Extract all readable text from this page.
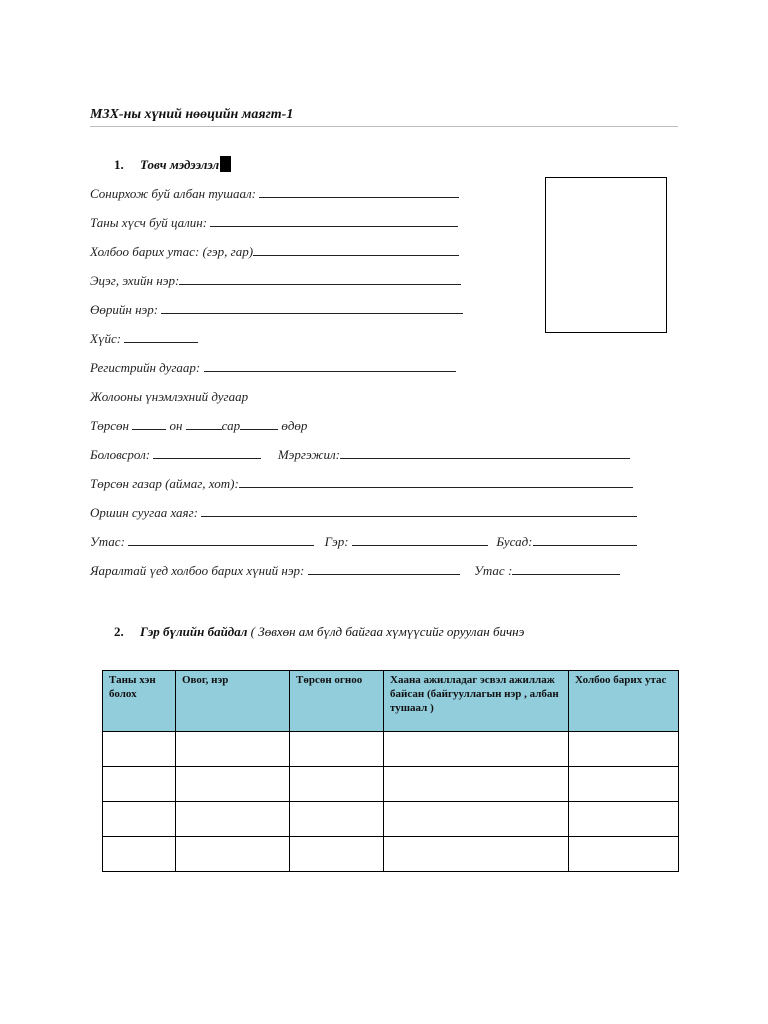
МЗХ-ны хүний нөөцийн маягт-1
1. Товч мэдээлэл
Сонирхож буй албан тушаал:
Таны хүсч буй цалин:
Холбоо барих утас: (гэр, гар)
Эцэг, эхийн нэр:
Өөрийн нэр:
Хүйс:
Регистрийн дугаар:
Жолооны үнэмлэхний дугаар
Төрсөн	он	сар	өдөр
Боловсрол:	Мэргэжил:
Төрсөн газар (аймаг, хот):
Оршин суугаа хаяг:
Утас:	Гэр:	Бусад:
Яаралтай үед холбоо барих хүний нэр:	Утас :
2. Гэр бүлийн байдал ( Зөвхөн ам бүлд байгаа хүмүүсийг оруулан бичнэ
Таны хэн болох	Овог, нэр	Төрсөн огноо	Хаана ажилладаг эсвэл ажиллаж байсан (байгууллагын нэр , албан тушаал )	Холбоо барих утас
